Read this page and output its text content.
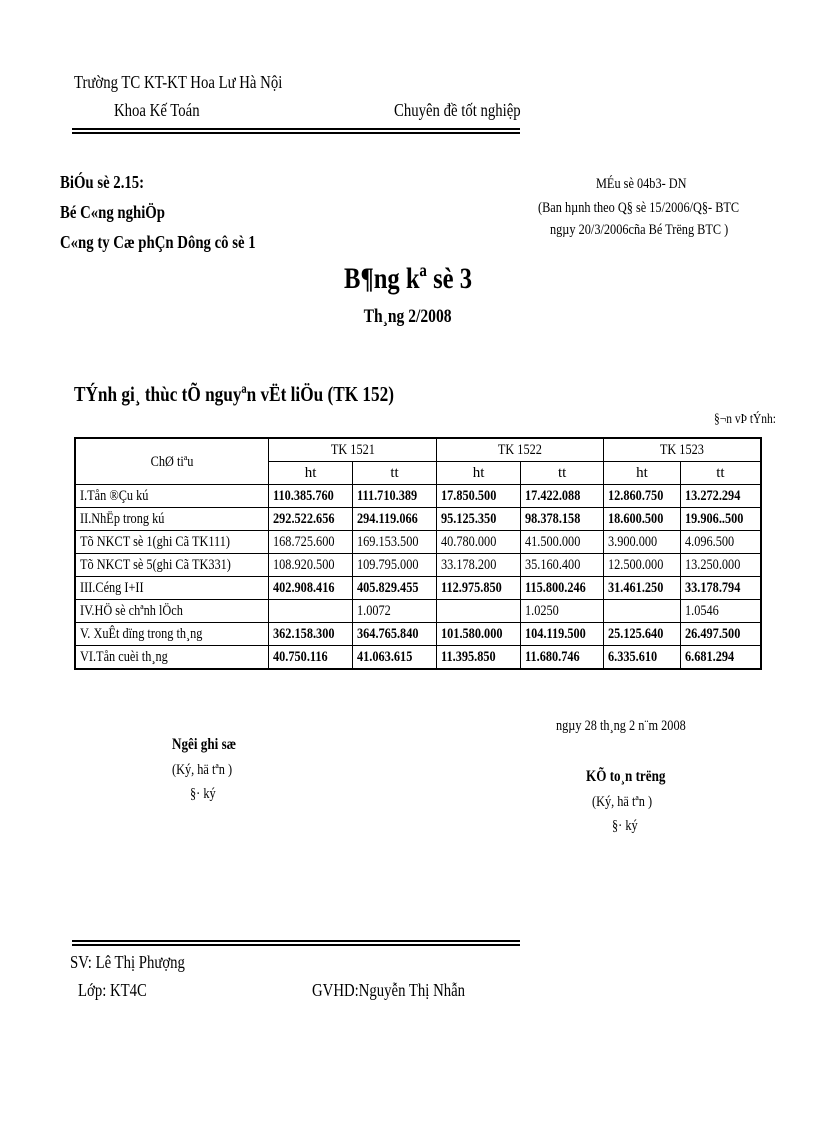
Trường TC KT-KT Hoa Lư Hà Nội
Khoa Kế Toán	Chuyên đề tốt nghiệp
BiÓu sè 2.15:
Bé C«ng nghiÖp
C«ng ty Cæ phÇn Dông cô sè 1
MÉu sè 04b3- DN
(Ban hµnh theo Q§ sè 15/2006/Q§- BTC
ngµy 20/3/2006cña Bé Trëng BTC )
B¶ng kª sè 3
Th¸ng 2/2008
TÝnh gi¸ thùc tÕ nguyªn vËt liÖu (TK 152)
§¬n vÞ tÝnh:
ChØ tiªu	TK 1521		TK 1522		TK 1523	
	ht	tt	ht	tt	ht	tt
I.Tån ®Çu kú	110.385.760	111.710.389	17.850.500	17.422.088	12.860.750	13.272.294
II.NhËp trong kú	292.522.656	294.119.066	95.125.350	98.378.158	18.600.500	19.906..500
Tõ NKCT sè 1(ghi Cã TK111)	168.725.600	169.153.500	40.780.000	41.500.000	3.900.000	4.096.500
Tõ NKCT sè 5(ghi Cã TK331)	108.920.500	109.795.000	33.178.200	35.160.400	12.500.000	13.250.000
III.Céng I+II	402.908.416	405.829.455	112.975.850	115.800.246	31.461.250	33.178.794
IV.HÖ sè chªnh lÖch		1.0072		1.0250		1.0546
V. XuÊt dïng trong th¸ng	362.158.300	364.765.840	101.580.000	104.119.500	25.125.640	26.497.500
VI.Tån cuèi th¸ng	40.750.116	41.063.615	11.395.850	11.680.746	6.335.610	6.681.294
ngµy 28 th¸ng 2 n¨m 2008
Ngêi ghi sæ
(Ký, hä tªn )
§· ký
KÕ to¸n trëng
(Ký, hä tªn )
§· ký
SV: Lê Thị Phượng
Lớp: KT4C	GVHD:Nguyễn Thị Nhẫn
